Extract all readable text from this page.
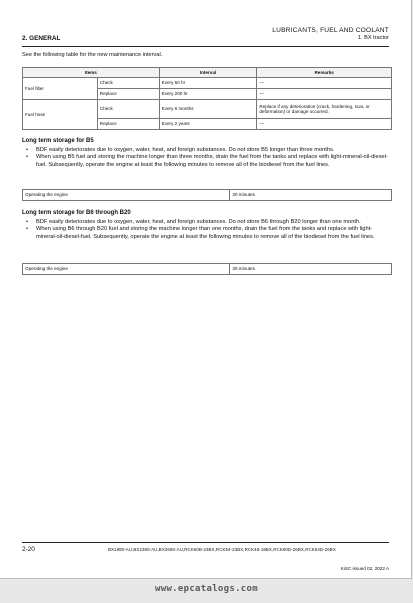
LUBRICANTS, FUEL AND COOLANT
1. BX tractor
2. GENERAL
See the following table for the new maintenance interval.
Items		Interval	Remarks
Fuel filter	Check	Every 50 hr	—
	Replace	Every 200 hr	—
Fuel hose	Check	Every 6 months	Replace if any deterioration (crack, hardening, scar, or deformation) or damage occurred.
	Replace	Every 2 years	—
Long term storage for B5
• BDF easily deteriorates due to oxygen, water, heat, and foreign substances. Do not store B5 longer than three months.
• When using B5 fuel and storing the machine longer than three months, drain the fuel from the tanks and replace with light-mineral-oil-diesel-fuel. Subsequently, operate the engine at least the following minutes to remove all of the biodiesel from the fuel lines.
Operating the engine	30 minutes
Long term storage for B6 through B20
• BDF easily deteriorates due to oxygen, water, heat, and foreign substances. Do not store B6 through B20 longer than one month.
• When using B6 through B20 fuel and storing the machine longer than one months, drain the fuel from the tanks and replace with light-mineral-oil-diesel-fuel. Subsequently, operate the engine at least the following minutes to remove all of the biodiesel from the fuel lines.
Operating the engine	30 minutes
2-20	BX1880-AU,BX2380-AU,BX2680-AU,RCK60B-23BX,RCK54-23BX,RCK48-18BX,RCK60D-26BX,RCK54D-26BX
KiSC issued 02, 2022 A
www.epcatalogs.com
